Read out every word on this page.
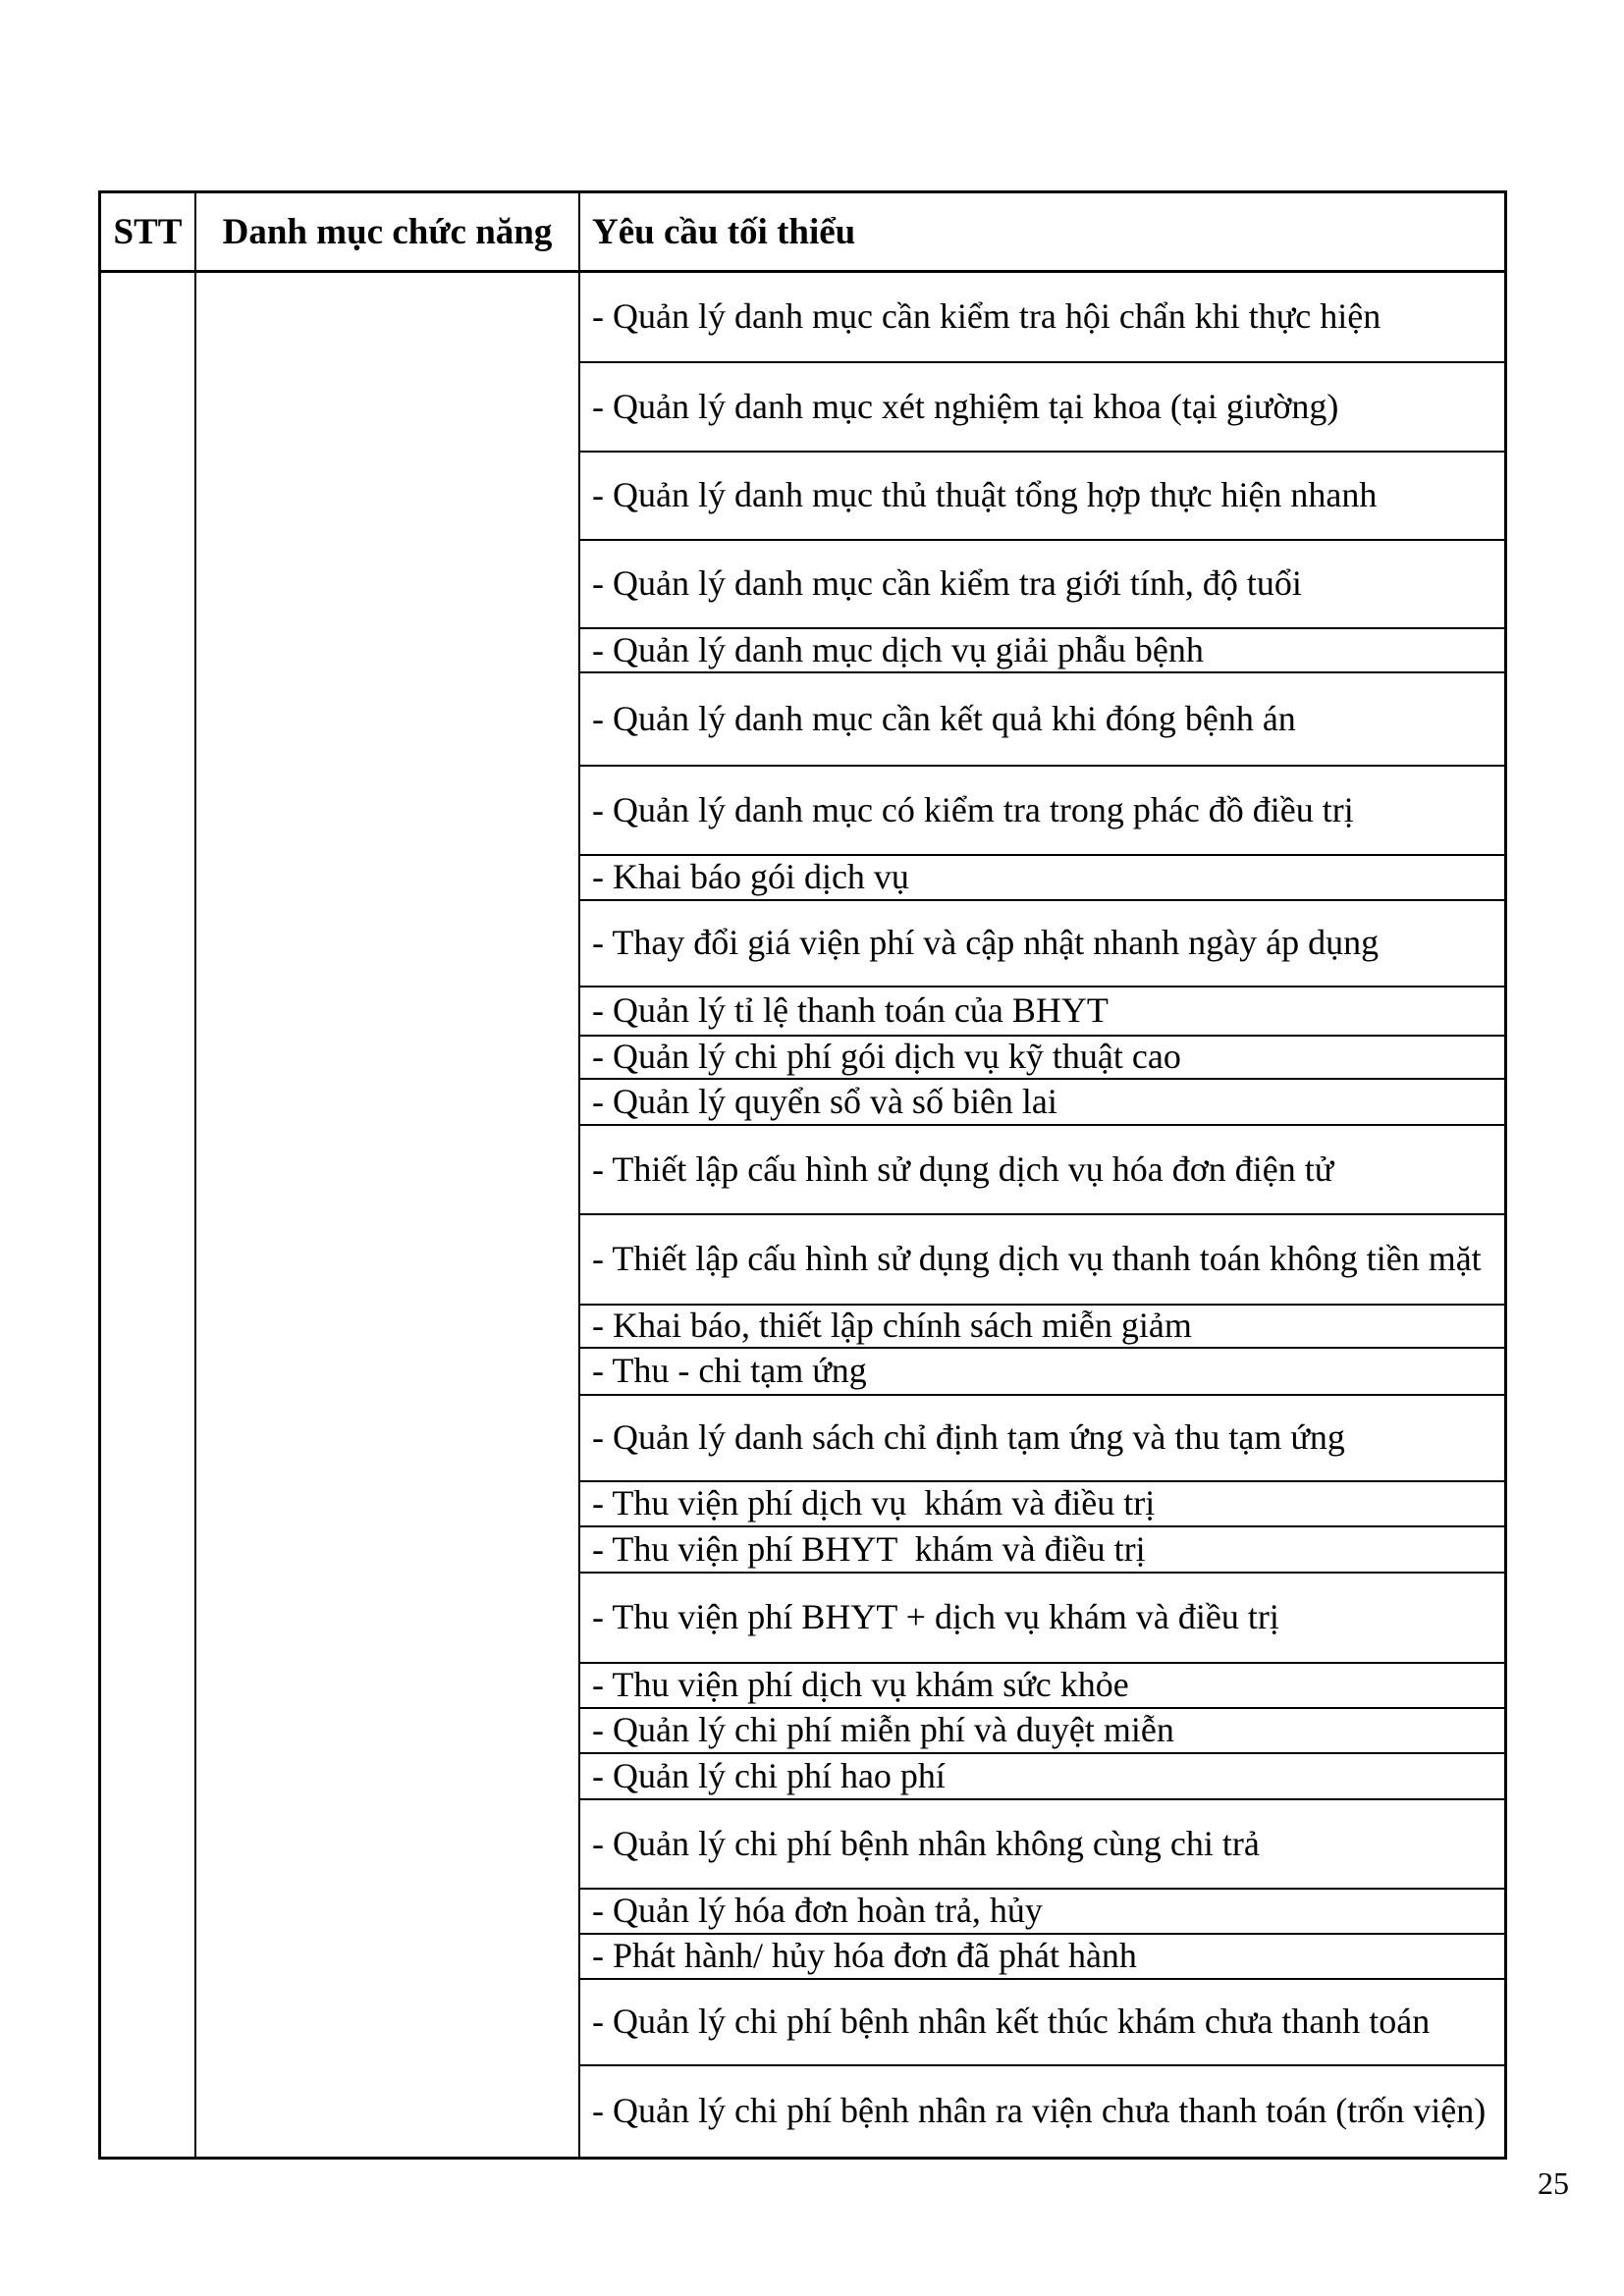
STT	Danh mục chức năng	Yêu cầu tối thiểu
- Quản lý danh mục cần kiểm tra hội chẩn khi thực hiện
- Quản lý danh mục xét nghiệm tại khoa (tại giường)
- Quản lý danh mục thủ thuật tổng hợp thực hiện nhanh
- Quản lý danh mục cần kiểm tra giới tính, độ tuổi
- Quản lý danh mục dịch vụ giải phẫu bệnh
- Quản lý danh mục cần kết quả khi đóng bệnh án
- Quản lý danh mục có kiểm tra trong phác đồ điều trị
- Khai báo gói dịch vụ
- Thay đổi giá viện phí và cập nhật nhanh ngày áp dụng
- Quản lý tỉ lệ thanh toán của BHYT
- Quản lý chi phí gói dịch vụ kỹ thuật cao
- Quản lý quyển sổ và số biên lai
- Thiết lập cấu hình sử dụng dịch vụ hóa đơn điện tử
- Thiết lập cấu hình sử dụng dịch vụ thanh toán không tiền mặt
- Khai báo, thiết lập chính sách miễn giảm
- Thu - chi tạm ứng
- Quản lý danh sách chỉ định tạm ứng và thu tạm ứng
- Thu viện phí dịch vụ  khám và điều trị
- Thu viện phí BHYT  khám và điều trị
- Thu viện phí BHYT + dịch vụ khám và điều trị
- Thu viện phí dịch vụ khám sức khỏe
- Quản lý chi phí miễn phí và duyệt miễn
- Quản lý chi phí hao phí
- Quản lý chi phí bệnh nhân không cùng chi trả
- Quản lý hóa đơn hoàn trả, hủy
- Phát hành/ hủy hóa đơn đã phát hành
- Quản lý chi phí bệnh nhân kết thúc khám chưa thanh toán
- Quản lý chi phí bệnh nhân ra viện chưa thanh toán (trốn viện)
25
